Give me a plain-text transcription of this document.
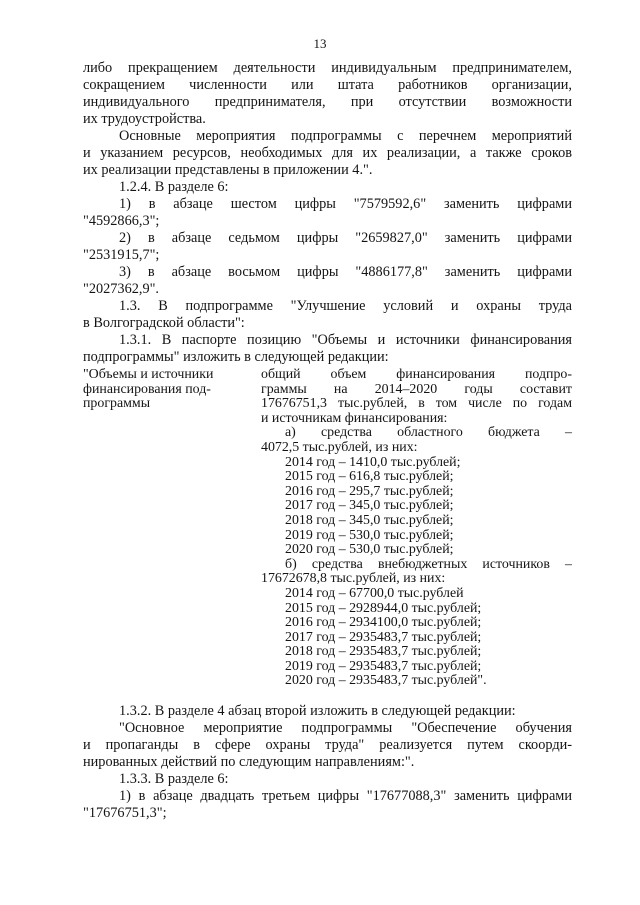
13
либо прекращением деятельности индивидуальным предпринимателем,
сокращением численности или штата работников организации,
индивидуального предпринимателя, при отсутствии возможности
их трудоустройства.
Основные мероприятия подпрограммы с перечнем мероприятий
и указанием ресурсов, необходимых для их реализации, а также сроков
их реализации представлены в приложении 4.".
1.2.4. В разделе 6:
1) в абзаце шестом цифры "7579592,6" заменить цифрами
"4592866,3";
2) в абзаце седьмом цифры "2659827,0" заменить цифрами
"2531915,7";
3) в абзаце восьмом цифры "4886177,8" заменить цифрами
"2027362,9".
1.3. В подпрограмме "Улучшение условий и охраны труда
в Волгоградской области":
1.3.1. В паспорте позицию "Объемы и источники финансирования
подпрограммы" изложить в следующей редакции:
"Объемы и источники
финансирования под-
программы
общий объем финансирования подпро-
граммы на 2014–2020 годы составит
17676751,3 тыс.рублей, в том числе по годам
и источникам финансирования:
а) средства областного бюджета –
4072,5 тыс.рублей, из них:
2014 год – 1410,0 тыс.рублей;
2015 год – 616,8 тыс.рублей;
2016 год – 295,7 тыс.рублей;
2017 год – 345,0 тыс.рублей;
2018 год – 345,0 тыс.рублей;
2019 год – 530,0 тыс.рублей;
2020 год – 530,0 тыс.рублей;
б) средства внебюджетных источников –
17672678,8 тыс.рублей, из них:
2014 год – 67700,0 тыс.рублей
2015 год – 2928944,0 тыс.рублей;
2016 год – 2934100,0 тыс.рублей;
2017 год – 2935483,7 тыс.рублей;
2018 год – 2935483,7 тыс.рублей;
2019 год – 2935483,7 тыс.рублей;
2020 год – 2935483,7 тыс.рублей".
1.3.2. В разделе 4 абзац второй изложить в следующей редакции:
"Основное мероприятие подпрограммы "Обеспечение обучения
и пропаганды в сфере охраны труда" реализуется путем скоорди-
нированных действий по следующим направлениям:".
1.3.3. В разделе 6:
1) в абзаце двадцать третьем цифры "17677088,3" заменить цифрами
"17676751,3";
